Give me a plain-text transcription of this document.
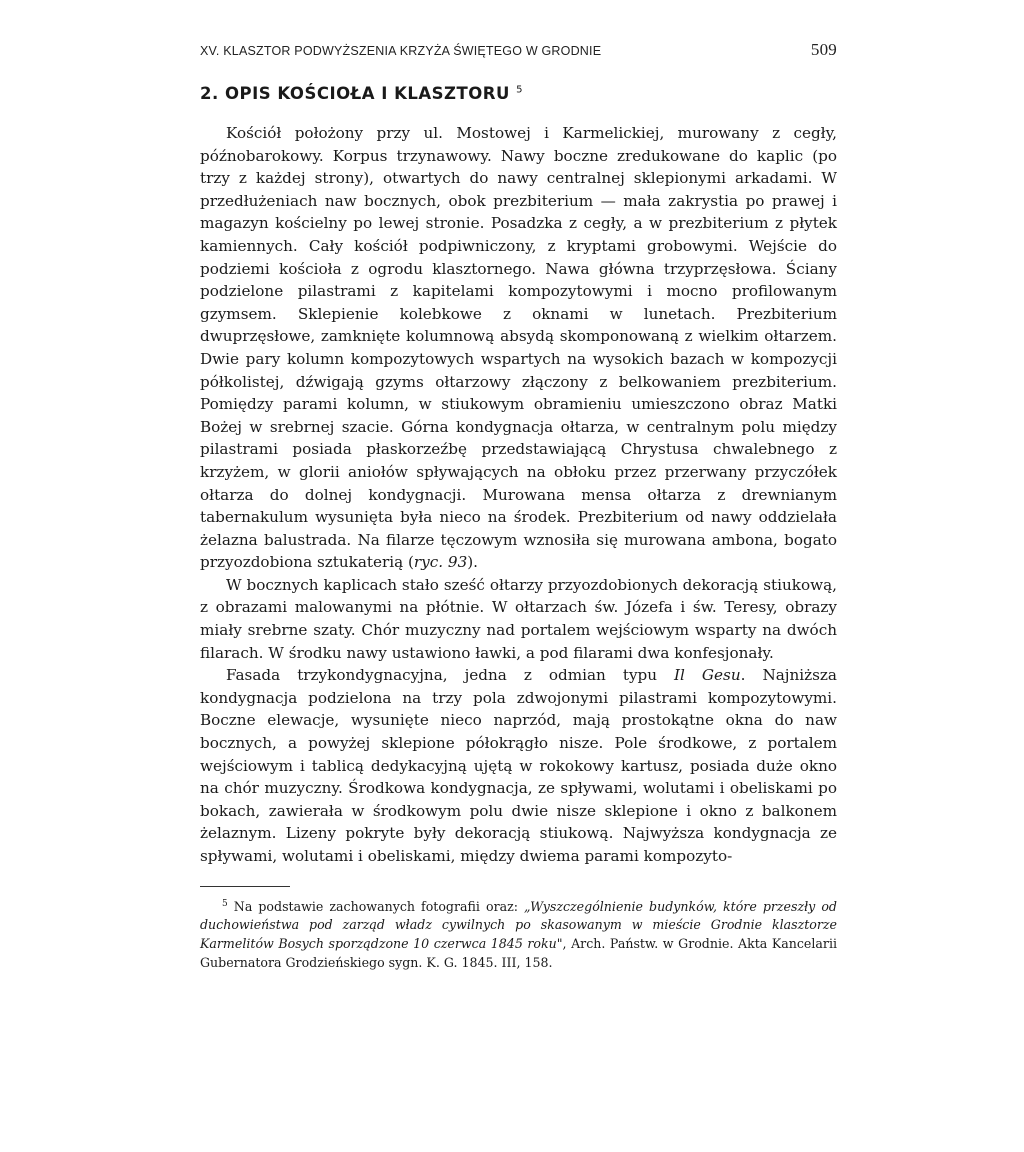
XV. KLASZTOR PODWYŻSZENIA KRZYŻA ŚWIĘTEGO W GRODNIE	509
2. OPIS KOŚCIOŁA I KLASZTORU $^5$

Kościół położony przy ul. Mostowej i Karmelickiej, murowany z cegły, późnobarokowy. Korpus trzynawowy. Nawy boczne zredukowane do kaplic (po trzy z każdej strony), otwartych do nawy centralnej sklepionymi arkadami. W przedłużeniach naw bocznych, obok prezbiterium — mała zakrystia po prawej i magazyn kościelny po lewej stronie. Posadzka z cegły, a w prezbiterium z płytek kamiennych. Cały kościół podpiwniczony, z kryptami grobowymi. Wejście do podziemi kościoła z ogrodu klasztornego. Nawa główna trzyprzęsłowa. Ściany podzielone pilastrami z kapitelami kompozytowymi i mocno profilowanym gzymsem. Sklepienie kolebkowe z oknami w lunetach. Prezbiterium dwuprzęsłowe, zamknięte kolumnową absydą skomponowaną z wielkim ołtarzem. Dwie pary kolumn kompozytowych wspartych na wysokich bazach w kompozycji półkolistej, dźwigają gzyms ołtarzowy złączony z belkowaniem prezbiterium. Pomiędzy parami kolumn, w stiukowym obramieniu umieszczono obraz Matki Bożej w srebrnej szacie. Górna kondygnacja ołtarza, w centralnym polu między pilastrami posiada płaskorzeźbę przedstawiającą Chrystusa chwalebnego z krzyżem, w glorii aniołów spływających na obłoku przez przerwany przyczółek ołtarza do dolnej kondygnacji. Murowana mensa ołtarza z drewnianym tabernakulum wysunięta była nieco na środek. Prezbiterium od nawy oddzielała żelazna balustrada. Na filarze tęczowym wznosiła się murowana ambona, bogato przyozdobiona sztukaterią (ryc. 93).

W bocznych kaplicach stało sześć ołtarzy przyozdobionych dekoracją stiukową, z obrazami malowanymi na płótnie. W ołtarzach św. Józefa i św. Teresy, obrazy miały srebrne szaty. Chór muzyczny nad portalem wejściowym wsparty na dwóch filarach. W środku nawy ustawiono ławki, a pod filarami dwa konfesjonały.

Fasada trzykondygnacyjna, jedna z odmian typu Il Gesu. Najniższa kondygnacja podzielona na trzy pola zdwojonymi pilastrami kompozytowymi. Boczne elewacje, wysunięte nieco naprzód, mają prostokątne okna do naw bocznych, a powyżej sklepione półokrągło nisze. Pole środkowe, z portalem wejściowym i tablicą dedykacyjną ujętą w rokokowy kartusz, posiada duże okno na chór muzyczny. Środkowa kondygnacja, ze spływami, wolutami i obeliskami po bokach, zawierała w środkowym polu dwie nisze sklepione i okno z balkonem żelaznym. Lizeny pokryte były dekoracją stiukową. Najwyższa kondygnacja ze spływami, wolutami i obeliskami, między dwiema parami kompozyto-

$^5$ Na podstawie zachowanych fotografii oraz: „Wyszczególnienie budynków, które przeszły od duchowieństwa pod zarząd władz cywilnych po skasowanym w mieście Grodnie klasztorze Karmelitów Bosych sporządzone 10 czerwca 1845 roku", Arch. Państw. w Grodnie. Akta Kancelarii Gubernatora Grodzieńskiego sygn. K. G. 1845. III, 158.
